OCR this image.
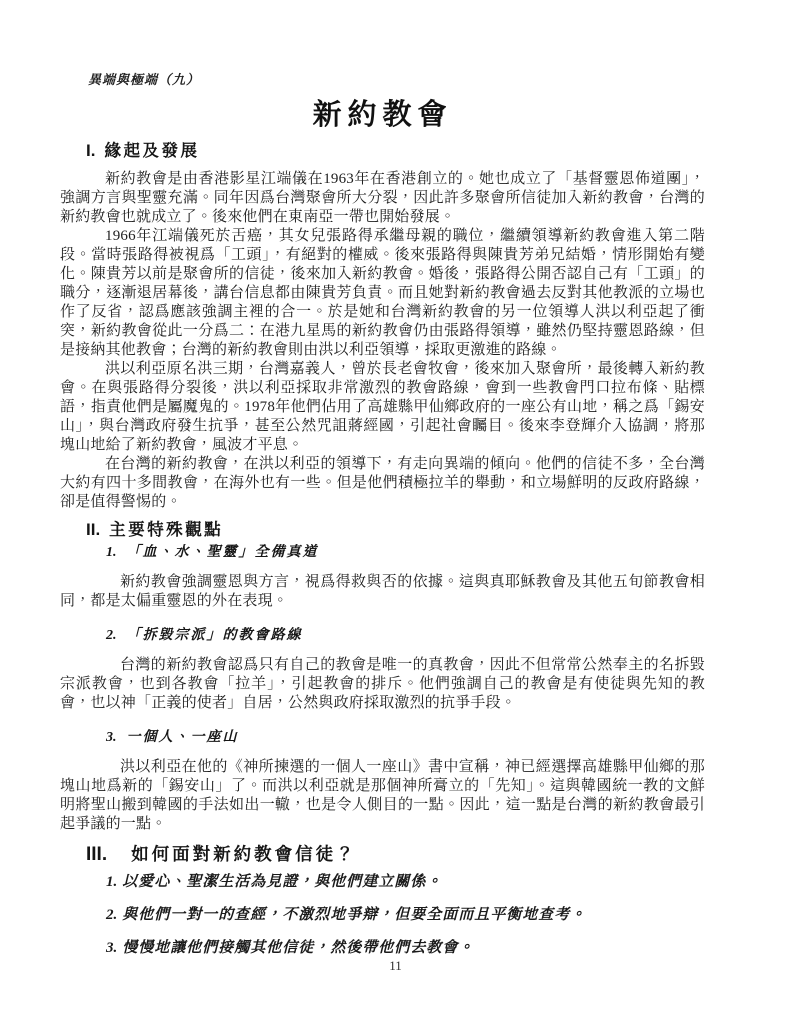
異端與極端（九）
新約教會
I. 緣起及發展

新約教會是由香港影星江端儀在1963年在香港創立的。她也成立了「基督靈恩佈道團」，強調方言與聖靈充滿。同年因爲台灣聚會所大分裂，因此許多聚會所信徒加入新約教會，台灣的新約教會也就成立了。後來他們在東南亞一帶也開始發展。

1966年江端儀死於舌癌，其女兒張路得承繼母親的職位，繼續領導新約教會進入第二階段。當時張路得被視爲「工頭」，有絕對的權威。後來張路得與陳貴芳弟兄結婚，情形開始有變化。陳貴芳以前是聚會所的信徒，後來加入新約教會。婚後，張路得公開否認自己有「工頭」的職分，逐漸退居幕後，講台信息都由陳貴芳負責。而且她對新約教會過去反對其他教派的立場也作了反省，認爲應該強調主裡的合一。於是她和台灣新約教會的另一位領導人洪以利亞起了衝突，新約教會從此一分爲二：在港九星馬的新約教會仍由張路得領導，雖然仍堅持靈恩路線，但是接納其他教會；台灣的新約教會則由洪以利亞領導，採取更激進的路線。

洪以利亞原名洪三期，台灣嘉義人，曾於長老會牧會，後來加入聚會所，最後轉入新約教會。在與張路得分裂後，洪以利亞採取非常激烈的教會路線，會到一些教會門口拉布條、貼標語，指責他們是屬魔鬼的。1978年他們佔用了高雄縣甲仙鄉政府的一座公有山地，稱之爲「錫安山」，與台灣政府發生抗爭，甚至公然咒詛蔣經國，引起社會矚目。後來李登輝介入協調，將那塊山地給了新約教會，風波才平息。

在台灣的新約教會，在洪以利亞的領導下，有走向異端的傾向。他們的信徒不多，全台灣大約有四十多間教會，在海外也有一些。但是他們積極拉羊的舉動，和立場鮮明的反政府路線，卻是值得警惕的。

II. 主要特殊觀點
1. 「血、水、聖靈」全備真道

新約教會強調靈恩與方言，視爲得救與否的依據。這與真耶穌教會及其他五旬節教會相同，都是太偏重靈恩的外在表現。

2. 「拆毀宗派」的教會路線

台灣的新約教會認爲只有自己的教會是唯一的真教會，因此不但常常公然奉主的名拆毀宗派教會，也到各教會「拉羊」，引起教會的排斥。他們強調自己的教會是有使徒與先知的教會，也以神「正義的使者」自居，公然與政府採取激烈的抗爭手段。

3. 一個人、一座山

洪以利亞在他的《神所揀選的一個人一座山》書中宣稱，神已經選擇高雄縣甲仙鄉的那塊山地爲新的「錫安山」了。而洪以利亞就是那個神所膏立的「先知」。這與韓國統一教的文鮮明將聖山搬到韓國的手法如出一轍，也是令人側目的一點。因此，這一點是台灣的新約教會最引起爭議的一點。

III. 如何面對新約教會信徒？
1. 以愛心、聖潔生活為見證，與他們建立關係。
2. 與他們一對一的查經，不激烈地爭辯，但要全面而且平衡地查考。
3. 慢慢地讓他們接觸其他信徒，然後帶他們去教會。
11
